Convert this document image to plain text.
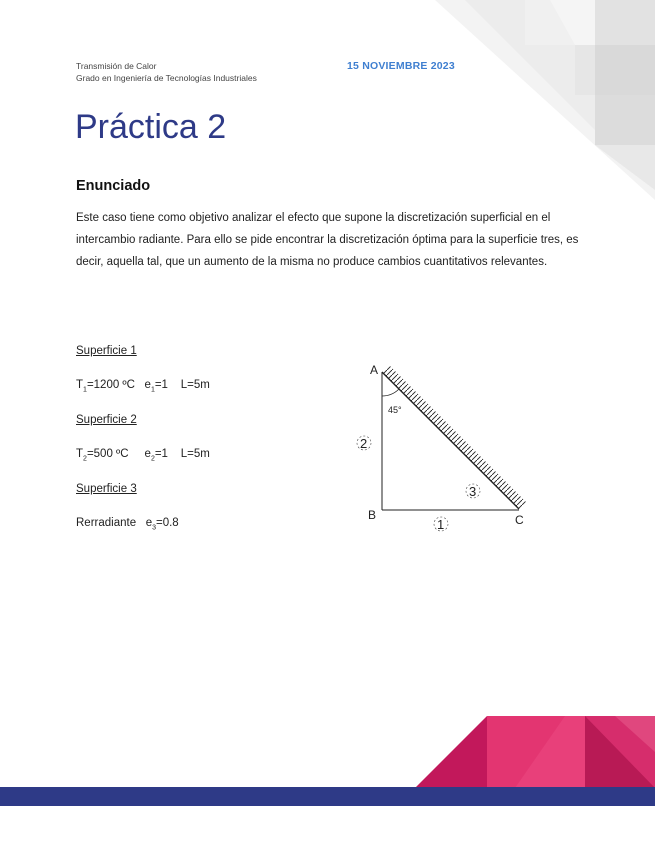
Transmisión de Calor
Grado en Ingeniería de Tecnologías Industriales
15 NOVIEMBRE 2023
Práctica 2
Enunciado

Este caso tiene como objetivo analizar el efecto que supone la discretización superficial en el intercambio radiante. Para ello se pide encontrar la discretización óptima para la superficie tres, es decir, aquella tal, que un aumento de la misma no produce cambios cuantitativos relevantes.

Superficie 1
$T_1=1200$ ºC $e_1=1$ L=5m
Superficie 2
$T_2=500$ ºC $e_2=1$ L=5m
Superficie 3
Rerradiante $e_3=0.8$
45°
A
B	C
2
1
3
